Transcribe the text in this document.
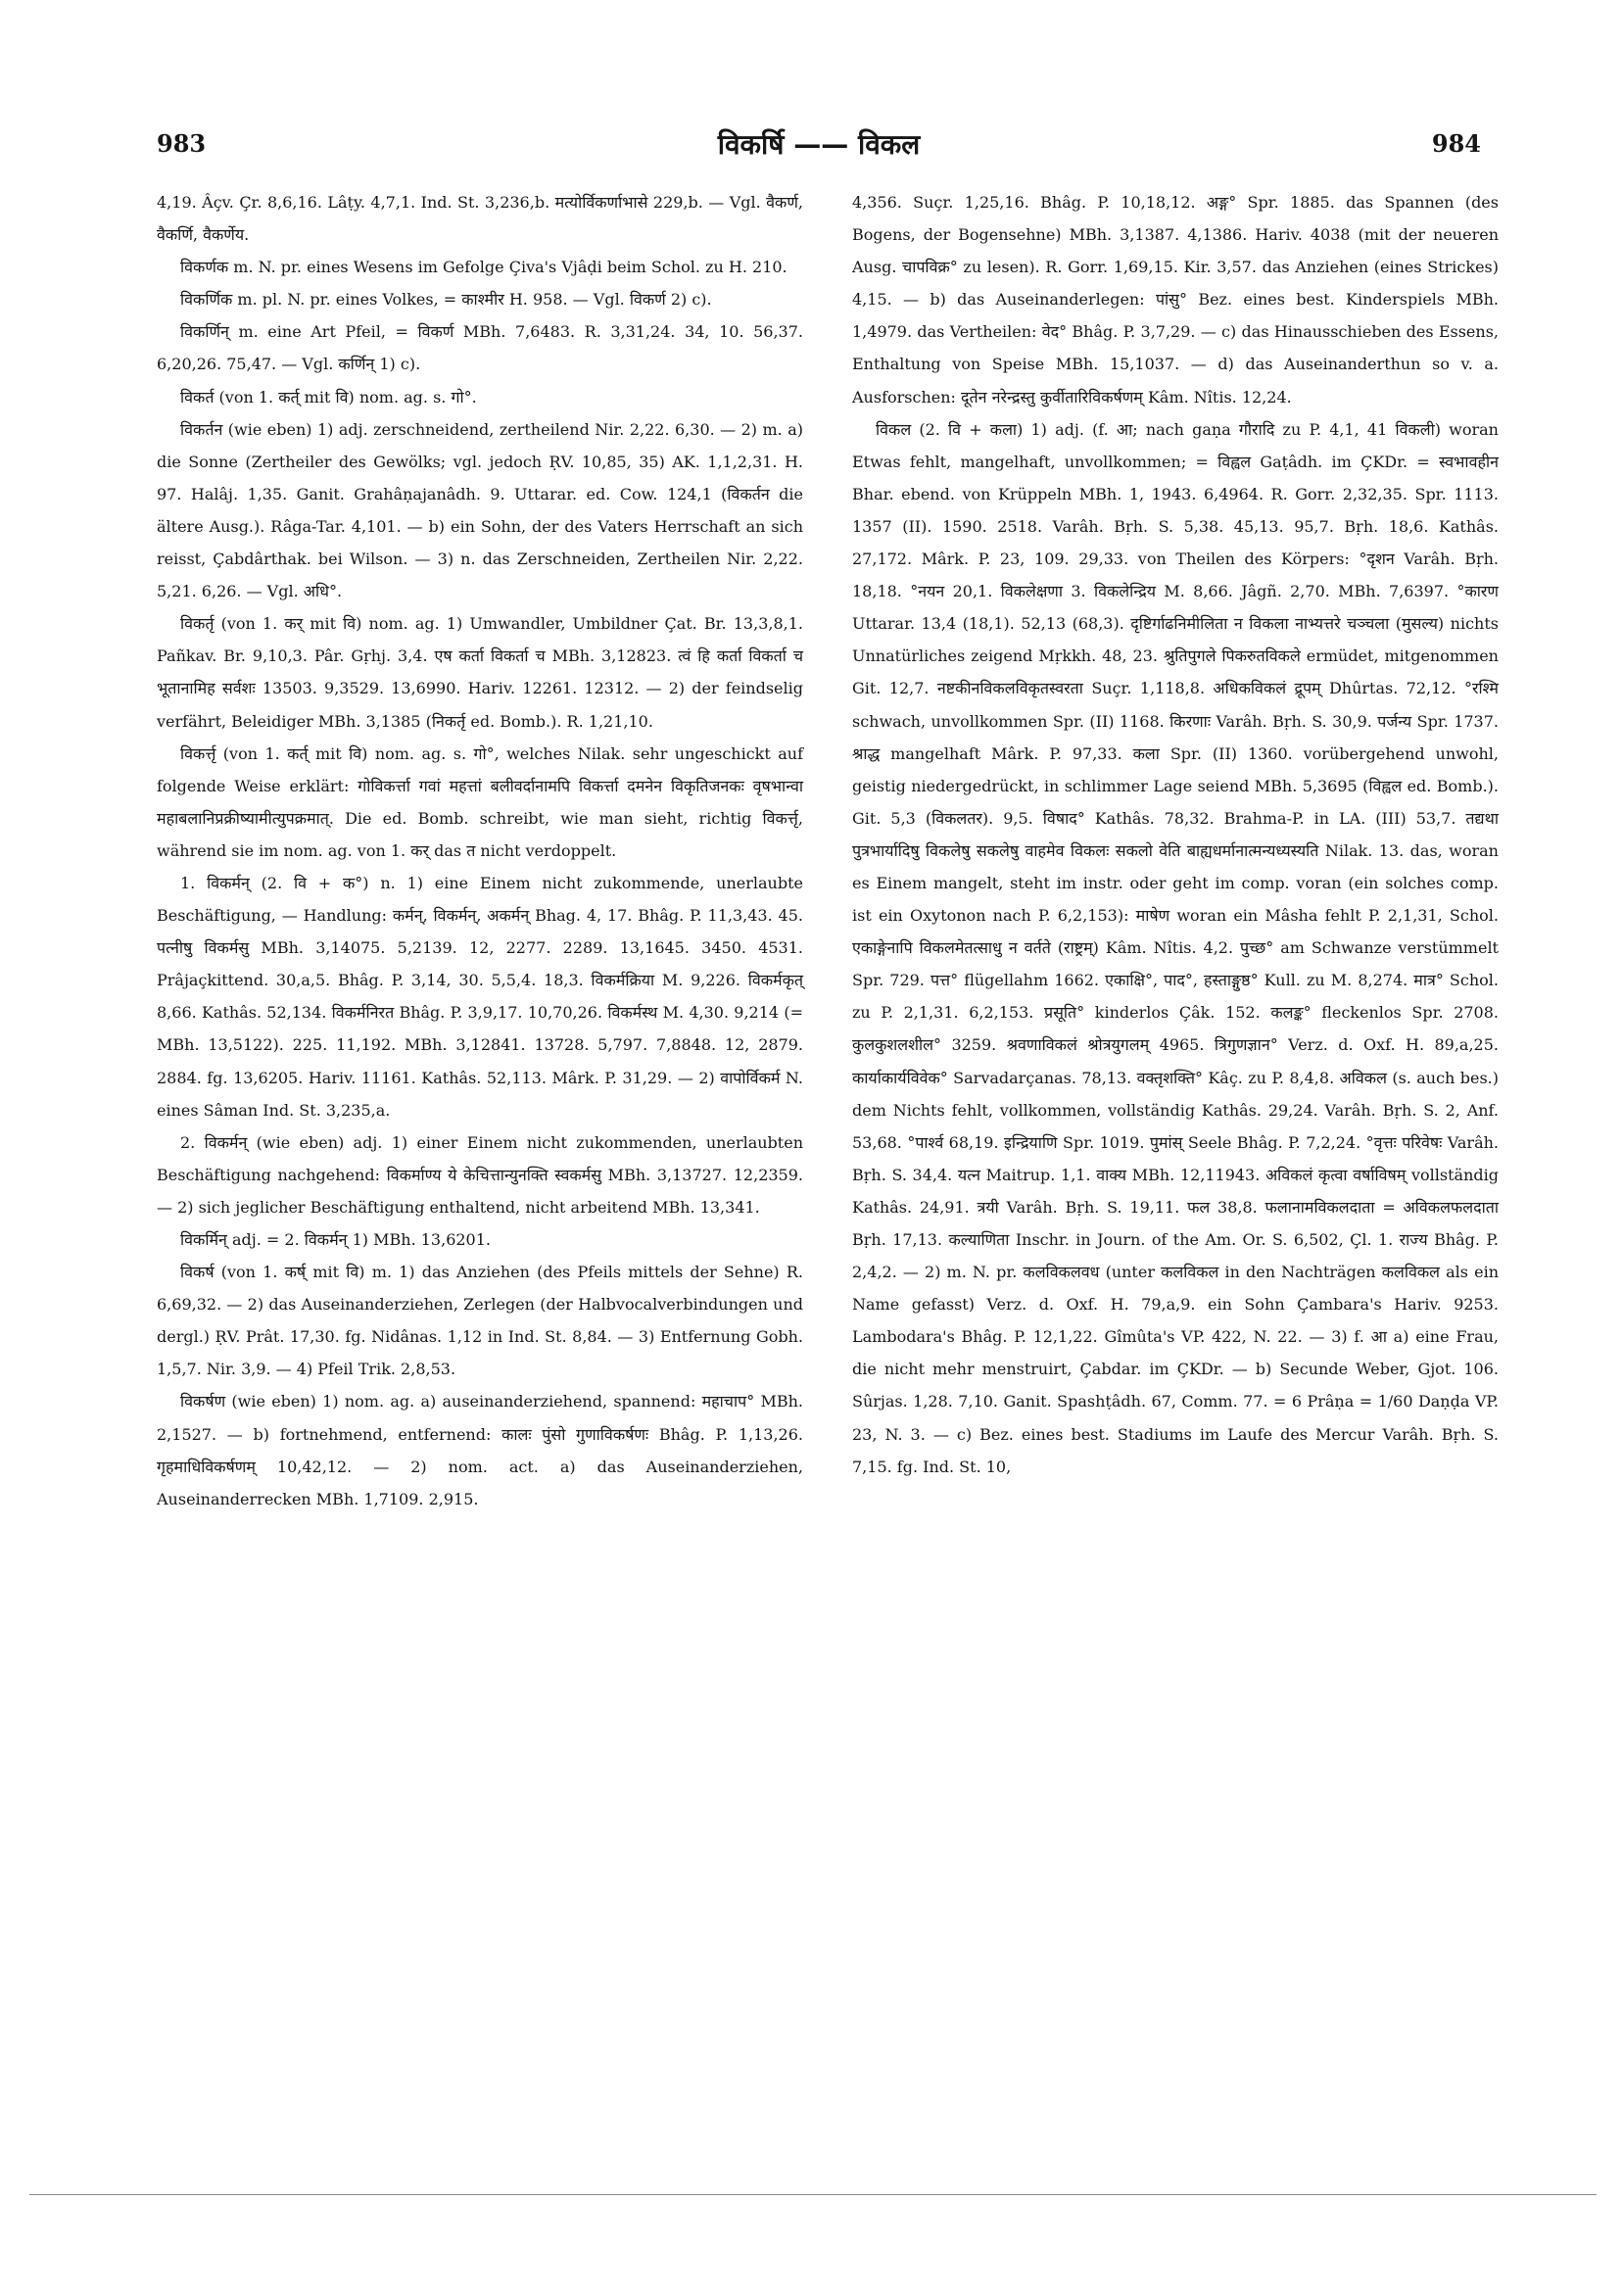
983	विकर्षि —— विकल	984

4,19. Âçv. Çr. 8,6,16. Lâṭy. 4,7,1. Ind. St. 3,236,b. मत्योर्विकर्णाभासे 229,b. — Vgl. वैकर्ण, वैकर्णि, वैकर्णेय.

विकर्णक m. N. pr. eines Wesens im Gefolge Çiva's Vjâḍi beim Schol. zu H. 210.

विकर्णिक m. pl. N. pr. eines Volkes, = काश्मीर H. 958. — Vgl. विकर्ण 2) c).

विकर्णिन् m. eine Art Pfeil, = विकर्ण MBh. 7,6483. R. 3,31,24. 34, 10. 56,37. 6,20,26. 75,47. — Vgl. कर्णिन् 1) c).

विकर्त (von 1. कर्त् mit वि) nom. ag. s. गो°.

विकर्तन (wie eben) 1) adj. zerschneidend, zertheilend Nir. 2,22. 6,30. — 2) m. a) die Sonne (Zertheiler des Gewölks; vgl. jedoch ṚV. 10,85, 35) AK. 1,1,2,31. H. 97. Halâj. 1,35. Ganit. Grahâṇajanâdh. 9. Uttarar. ed. Cow. 124,1 (विकर्तन die ältere Ausg.). Râga-Tar. 4,101. — b) ein Sohn, der des Vaters Herrschaft an sich reisst, Çabdârthak. bei Wilson. — 3) n. das Zerschneiden, Zertheilen Nir. 2,22. 5,21. 6,26. — Vgl. अधि°.

विकर्तृ (von 1. कर् mit वि) nom. ag. 1) Umwandler, Umbildner Çat. Br. 13,3,8,1. Pañkav. Br. 9,10,3. Pâr. Gṛhj. 3,4. एष कर्ता विकर्ता च MBh. 3,12823. त्वं हि कर्ता विकर्ता च भूतानामिह सर्वशः 13503. 9,3529. 13,6990. Hariv. 12261. 12312. — 2) der feindselig verfährt, Beleidiger MBh. 3,1385 (निकर्तृ ed. Bomb.). R. 1,21,10.

विकर्त्तृ (von 1. कर्त् mit वि) nom. ag. s. गो°, welches Nilak. sehr ungeschickt auf folgende Weise erklärt: गोविकर्त्ता गवां महत्तां बलीवर्दानामपि विकर्त्ता दमनेन विकृतिजनकः वृषभान्वा महाबलानिप्रक्रीष्यामीत्युपक्रमात्. Die ed. Bomb. schreibt, wie man sieht, richtig विकर्त्तृ, während sie im nom. ag. von 1. कर् das त nicht verdoppelt.

1. विकर्मन् (2. वि + क°) n. 1) eine Einem nicht zukommende, unerlaubte Beschäftigung, — Handlung: कर्मन्, विकर्मन्, अकर्मन् Bhag. 4, 17. Bhâg. P. 11,3,43. 45. पत्नीषु विकर्मसु MBh. 3,14075. 5,2139. 12, 2277. 2289. 13,1645. 3450. 4531. Prâjaçkittend. 30,a,5. Bhâg. P. 3,14, 30. 5,5,4. 18,3. विकर्मक्रिया M. 9,226. विकर्मकृत् 8,66. Kathâs. 52,134. विकर्मनिरत Bhâg. P. 3,9,17. 10,70,26. विकर्मस्थ M. 4,30. 9,214 (= MBh. 13,5122). 225. 11,192. MBh. 3,12841. 13728. 5,797. 7,8848. 12, 2879. 2884. fg. 13,6205. Hariv. 11161. Kathâs. 52,113. Mârk. P. 31,29. — 2) वापोर्विकर्म N. eines Sâman Ind. St. 3,235,a.

2. विकर्मन् (wie eben) adj. 1) einer Einem nicht zukommenden, unerlaubten Beschäftigung nachgehend: विकर्माण्य ये केचित्तान्युनक्ति स्वकर्मसु MBh. 3,13727. 12,2359. — 2) sich jeglicher Beschäftigung enthaltend, nicht arbeitend MBh. 13,341.

विकर्मिन् adj. = 2. विकर्मन् 1) MBh. 13,6201.

विकर्ष (von 1. कर्ष् mit वि) m. 1) das Anziehen (des Pfeils mittels der Sehne) R. 6,69,32. — 2) das Auseinanderziehen, Zerlegen (der Halbvocalverbindungen und dergl.) ṚV. Prât. 17,30. fg. Nidânas. 1,12 in Ind. St. 8,84. — 3) Entfernung Gobh. 1,5,7. Nir. 3,9. — 4) Pfeil Trik. 2,8,53.

विकर्षण (wie eben) 1) nom. ag. a) auseinanderziehend, spannend: महाचाप° MBh. 2,1527. — b) fortnehmend, entfernend: कालः पुंसो गुणाविकर्षणः Bhâg. P. 1,13,26. गृहमाधिविकर्षणम् 10,42,12. — 2) nom. act. a) das Auseinanderziehen, Auseinanderrecken MBh. 1,7109. 2,915.

4,356. Suçr. 1,25,16. Bhâg. P. 10,18,12. अङ्ग° Spr. 1885. das Spannen (des Bogens, der Bogensehne) MBh. 3,1387. 4,1386. Hariv. 4038 (mit der neueren Ausg. चापविक्र° zu lesen). R. Gorr. 1,69,15. Kir. 3,57. das Anziehen (eines Strickes) 4,15. — b) das Auseinanderlegen: पांसु° Bez. eines best. Kinderspiels MBh. 1,4979. das Vertheilen: वेद° Bhâg. P. 3,7,29. — c) das Hinausschieben des Essens, Enthaltung von Speise MBh. 15,1037. — d) das Auseinanderthun so v. a. Ausforschen: दूतेन नरेन्द्रस्तु कुर्वीतारिविकर्षणम् Kâm. Nîtis. 12,24.

विकल (2. वि + कला) 1) adj. (f. आ; nach gaṇa गौरादि zu P. 4,1, 41 विकली) woran Etwas fehlt, mangelhaft, unvollkommen; = विह्वल Gaṭâdh. im ÇKDr. = स्वभावहीन Bhar. ebend. von Krüppeln MBh. 1, 1943. 6,4964. R. Gorr. 2,32,35. Spr. 1113. 1357 (II). 1590. 2518. Varâh. Bṛh. S. 5,38. 45,13. 95,7. Bṛh. 18,6. Kathâs. 27,172. Mârk. P. 23, 109. 29,33. von Theilen des Körpers: °दृशन Varâh. Bṛh. 18,18. °नयन 20,1. विकलेक्षणा 3. विकलेन्द्रिय M. 8,66. Jâgñ. 2,70. MBh. 7,6397. °कारण Uttarar. 13,4 (18,1). 52,13 (68,3). दृष्टिर्गाढनिमीलिता न विकला नाभ्यत्तरे चञ्चला (मुसल्य) nichts Unnatürliches zeigend Mṛkkh. 48, 23. श्रुतिपुगले पिकरुतविकले ermüdet, mitgenommen Git. 12,7. नष्टकीनविकलविकृतस्वरता Suçr. 1,118,8. अधिकविकलं द्रूपम् Dhûrtas. 72,12. °रश्मि schwach, unvollkommen Spr. (II) 1168. किरणाः Varâh. Bṛh. S. 30,9. पर्जन्य Spr. 1737. श्राद्ध mangelhaft Mârk. P. 97,33. कला Spr. (II) 1360. vorübergehend unwohl, geistig niedergedrückt, in schlimmer Lage seiend MBh. 5,3695 (विह्वल ed. Bomb.). Git. 5,3 (विकलतर). 9,5. विषाद° Kathâs. 78,32. Brahma-P. in LA. (III) 53,7. तद्यथा पुत्रभार्यादिषु विकलेषु सकलेषु वाहमेव विकलः सकलो वेति बाह्यधर्मानात्मन्यध्यस्यति Nilak. 13. das, woran es Einem mangelt, steht im instr. oder geht im comp. voran (ein solches comp. ist ein Oxytonon nach P. 6,2,153): माषेण woran ein Mâsha fehlt P. 2,1,31, Schol. एकाङ्गेनापि विकलमेतत्साधु न वर्तते (राष्ट्रम्) Kâm. Nîtis. 4,2. पुच्छ° am Schwanze verstümmelt Spr. 729. पत्त° flügellahm 1662. एकाक्षि°, पाद°, हस्ताङ्गुष्ठ° Kull. zu M. 8,274. मात्र° Schol. zu P. 2,1,31. 6,2,153. प्रसूति° kinderlos Çâk. 152. कलङ्क° fleckenlos Spr. 2708. कुलकुशलशील° 3259. श्रवणाविकलं श्रोत्रयुगलम् 4965. त्रिगुणज्ञान° Verz. d. Oxf. H. 89,a,25. कार्याकार्यविवेक° Sarvadarçanas. 78,13. वक्तृशक्ति° Kâç. zu P. 8,4,8. अविकल (s. auch bes.) dem Nichts fehlt, vollkommen, vollständig Kathâs. 29,24. Varâh. Bṛh. S. 2, Anf. 53,68. °पार्श्व 68,19. इन्द्रियाणि Spr. 1019. पुमांस् Seele Bhâg. P. 7,2,24. °वृत्तः परिवेषः Varâh. Bṛh. S. 34,4. यत्न Maitrup. 1,1. वाक्य MBh. 12,11943. अविकलं कृत्वा वर्षाविषम् vollständig Kathâs. 24,91. त्रयी Varâh. Bṛh. S. 19,11. फल 38,8. फलानामविकलदाता = अविकलफलदाता Bṛh. 17,13. कल्याणिता Inschr. in Journ. of the Am. Or. S. 6,502, Çl. 1. राज्य Bhâg. P. 2,4,2. — 2) m. N. pr. कलविकलवध (unter कलविकल in den Nachträgen कलविकल als ein Name gefasst) Verz. d. Oxf. H. 79,a,9. ein Sohn Çambara's Hariv. 9253. Lambodara's Bhâg. P. 12,1,22. Gîmûta's VP. 422, N. 22. — 3) f. आ a) eine Frau, die nicht mehr menstruirt, Çabdar. im ÇKDr. — b) Secunde Weber, Gjot. 106. Sûrjas. 1,28. 7,10. Ganit. Spashṭâdh. 67, Comm. 77. = 6 Prâṇa = 1/60 Daṇḍa VP. 23, N. 3. — c) Bez. eines best. Stadiums im Laufe des Mercur Varâh. Bṛh. S. 7,15. fg. Ind. St. 10,
